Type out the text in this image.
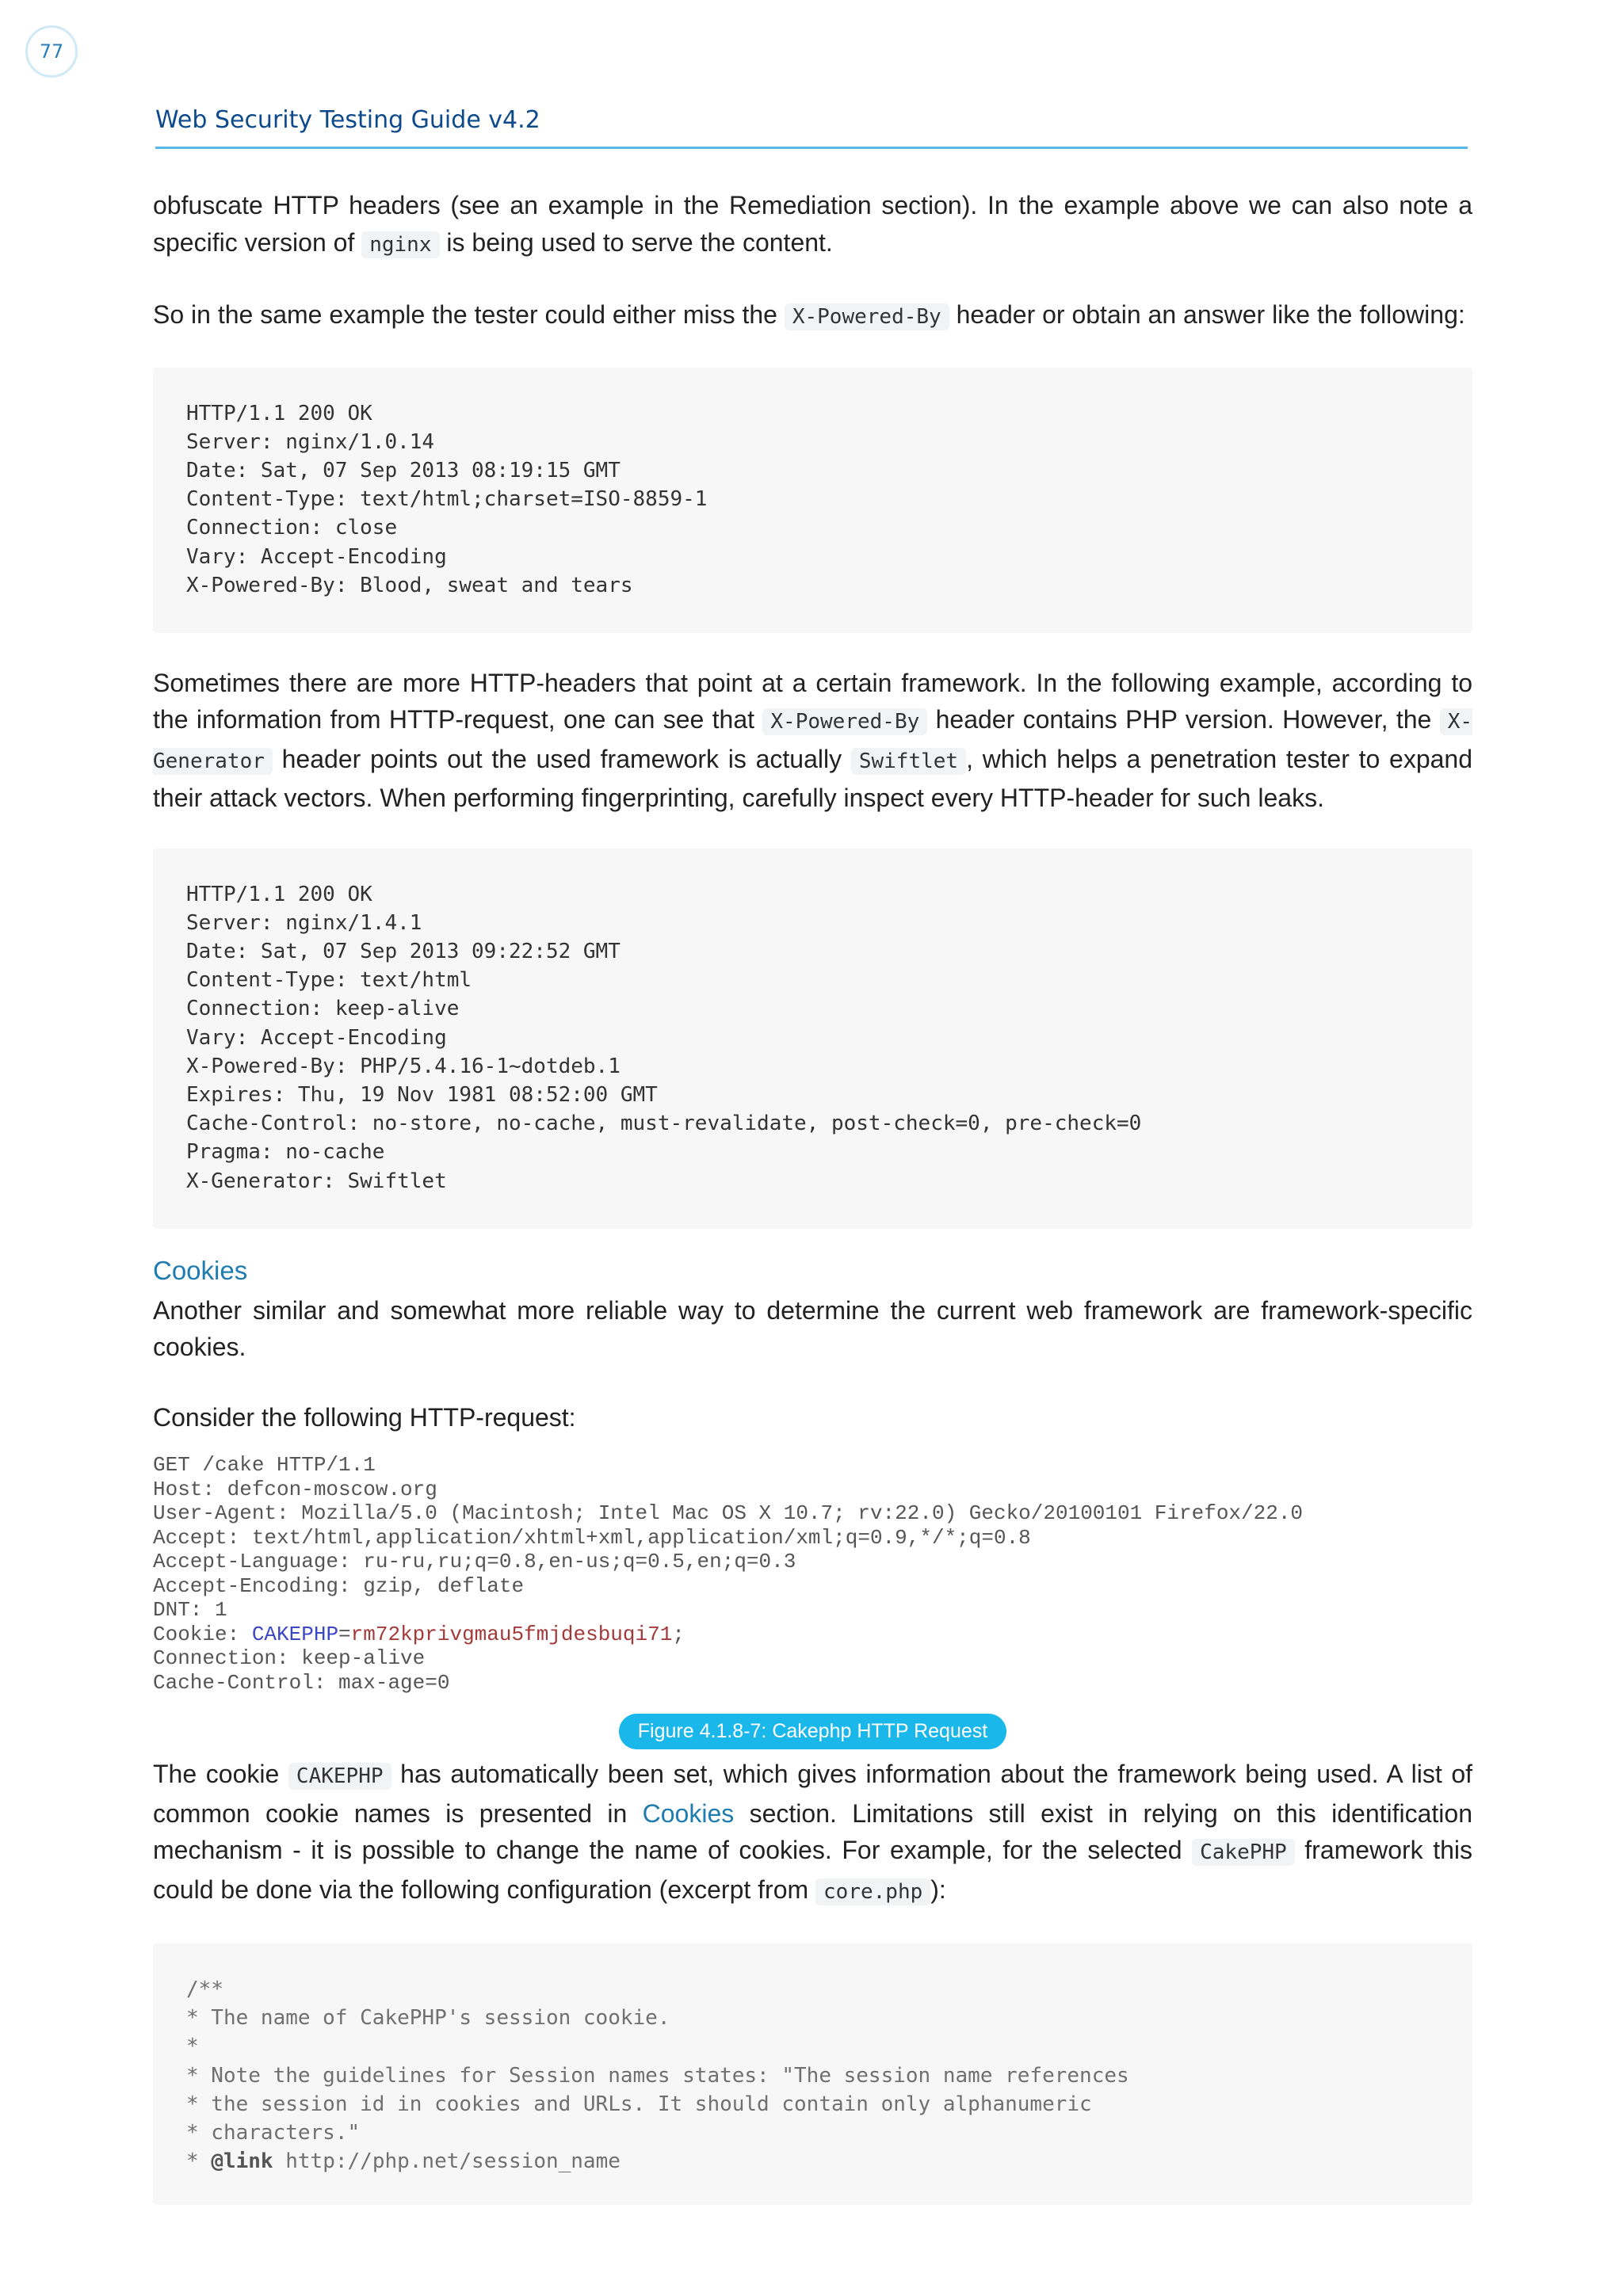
77
Web Security Testing Guide v4.2

obfuscate HTTP headers (see an example in the Remediation section). In the example above we can also note a specific version of nginx is being used to serve the content.

So in the same example the tester could either miss the X-Powered-By header or obtain an answer like the following:

HTTP/1.1 200 OK
Server: nginx/1.0.14
Date: Sat, 07 Sep 2013 08:19:15 GMT
Content-Type: text/html;charset=ISO-8859-1
Connection: close
Vary: Accept-Encoding
X-Powered-By: Blood, sweat and tears

Sometimes there are more HTTP-headers that point at a certain framework. In the following example, according to the information from HTTP-request, one can see that X-Powered-By header contains PHP version. However, the X-Generator header points out the used framework is actually Swiftlet , which helps a penetration tester to expand their attack vectors. When performing fingerprinting, carefully inspect every HTTP-header for such leaks.

HTTP/1.1 200 OK
Server: nginx/1.4.1
Date: Sat, 07 Sep 2013 09:22:52 GMT
Content-Type: text/html
Connection: keep-alive
Vary: Accept-Encoding
X-Powered-By: PHP/5.4.16-1~dotdeb.1
Expires: Thu, 19 Nov 1981 08:52:00 GMT
Cache-Control: no-store, no-cache, must-revalidate, post-check=0, pre-check=0
Pragma: no-cache
X-Generator: Swiftlet
Cookies

Another similar and somewhat more reliable way to determine the current web framework are framework-specific cookies.

Consider the following HTTP-request:

GET /cake HTTP/1.1
Host: defcon-moscow.org
User-Agent: Mozilla/5.0 (Macintosh; Intel Mac OS X 10.7; rv:22.0) Gecko/20100101 Firefox/22.0
Accept: text/html,application/xhtml+xml,application/xml;q=0.9,*/*;q=0.8
Accept-Language: ru-ru,ru;q=0.8,en-us;q=0.5,en;q=0.3
Accept-Encoding: gzip, deflate
DNT: 1
Cookie: CAKEPHP=rm72kprivgmau5fmjdesbuqi71;
Connection: keep-alive
Cache-Control: max-age=0
Figure 4.1.8-7: Cakephp HTTP Request

The cookie CAKEPHP has automatically been set, which gives information about the framework being used. A list of common cookie names is presented in Cookies section. Limitations still exist in relying on this identification mechanism - it is possible to change the name of cookies. For example, for the selected CakePHP framework this could be done via the following configuration (excerpt from core.php ):

/**
* The name of CakePHP's session cookie.
*
* Note the guidelines for Session names states: "The session name references
* the session id in cookies and URLs. It should contain only alphanumeric
* characters."
* @link http://php.net/session_name
